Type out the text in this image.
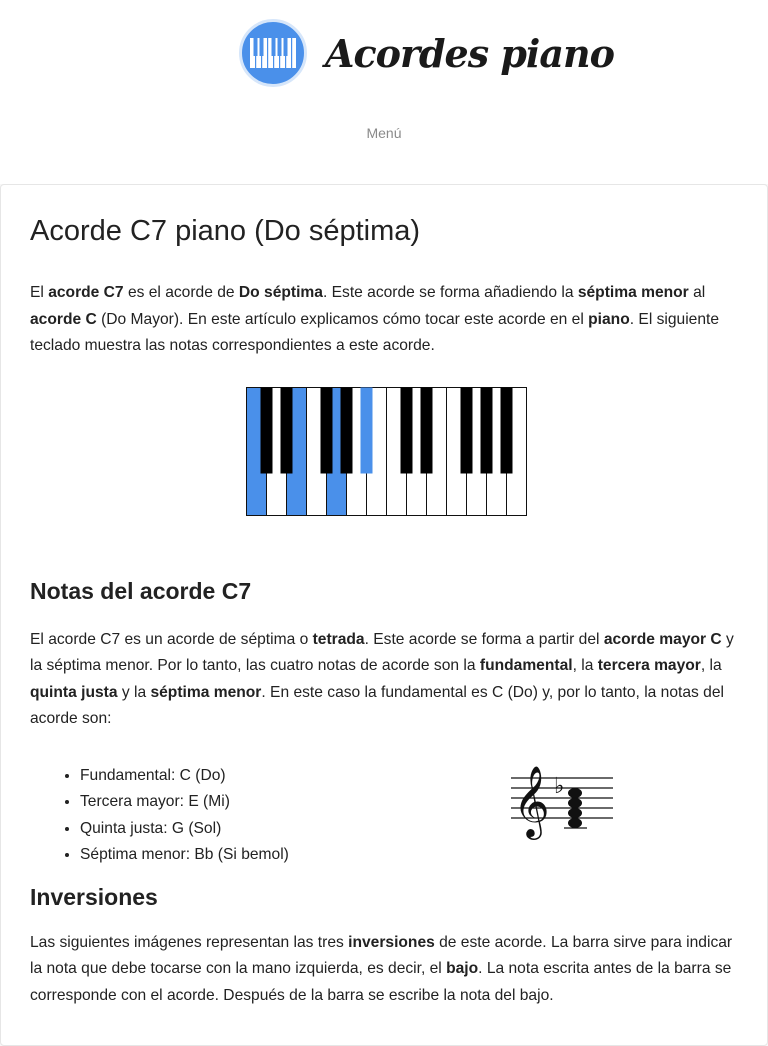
Acordes piano
Menú
Acorde C7 piano (Do séptima)

El acorde C7 es el acorde de Do séptima. Este acorde se forma añadiendo la séptima menor al acorde C (Do Mayor). En este artículo explicamos cómo tocar este acorde en el piano. El siguiente teclado muestra las notas correspondientes a este acorde.

Notas del acorde C7

El acorde C7 es un acorde de séptima o tetrada. Este acorde se forma a partir del acorde mayor C y la séptima menor. Por lo tanto, las cuatro notas de acorde son la fundamental, la tercera mayor, la quinta justa y la séptima menor. En este caso la fundamental es C (Do) y, por lo tanto, la notas del acorde son:

• Fundamental: C (Do)
• Tercera mayor: E (Mi)
• Quinta justa: G (Sol)
• Séptima menor: Bb (Si bemol)
𝄞 ♭
Inversiones

Las siguientes imágenes representan las tres inversiones de este acorde. La barra sirve para indicar la nota que debe tocarse con la mano izquierda, es decir, el bajo. La nota escrita antes de la barra se corresponde con el acorde. Después de la barra se escribe la nota del bajo.
